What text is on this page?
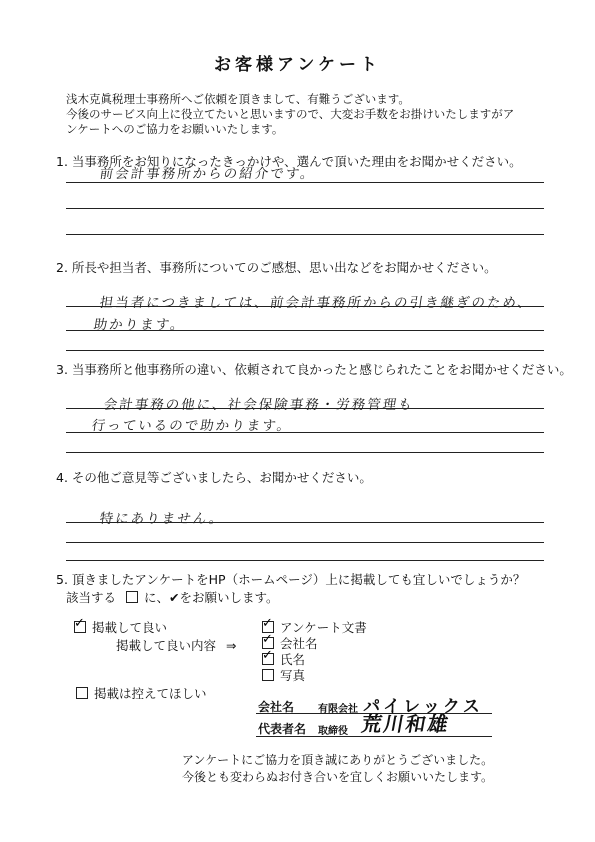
お客様アンケート
浅木克眞税理士事務所へご依頼を頂きまして、有難うございます。
今後のサービス向上に役立てたいと思いますので、大変お手数をお掛けいたしますがア
ンケートへのご協力をお願いいたします。
1. 当事務所をお知りになったきっかけや、選んで頂いた理由をお聞かせください。
前会計事務所からの紹介です。
2. 所長や担当者、事務所についてのご感想、思い出などをお聞かせください。
担当者につきましては、前会計事務所からの引き継ぎのため、
助かります。
3. 当事務所と他事務所の違い、依頼されて良かったと感じられたことをお聞かせください。
会計事務の他に、社会保険事務・労務管理も
行っているので助かります。
4. その他ご意見等ございましたら、お聞かせください。
特にありません。
5. 頂きましたアンケートをHP（ホームページ）上に掲載しても宜しいでしょうか？
該当する に、✔をお願いします。
✓掲載して良い
掲載して良い内容 ⇒
✓アンケート文書
✓会社名
✓氏名
写真
掲載は控えてほしい
会社名 有限会社 パイレックス
代表者名 取締役 荒川和雄
アンケートにご協力を頂き誠にありがとうございました。
今後とも変わらぬお付き合いを宜しくお願いいたします。
